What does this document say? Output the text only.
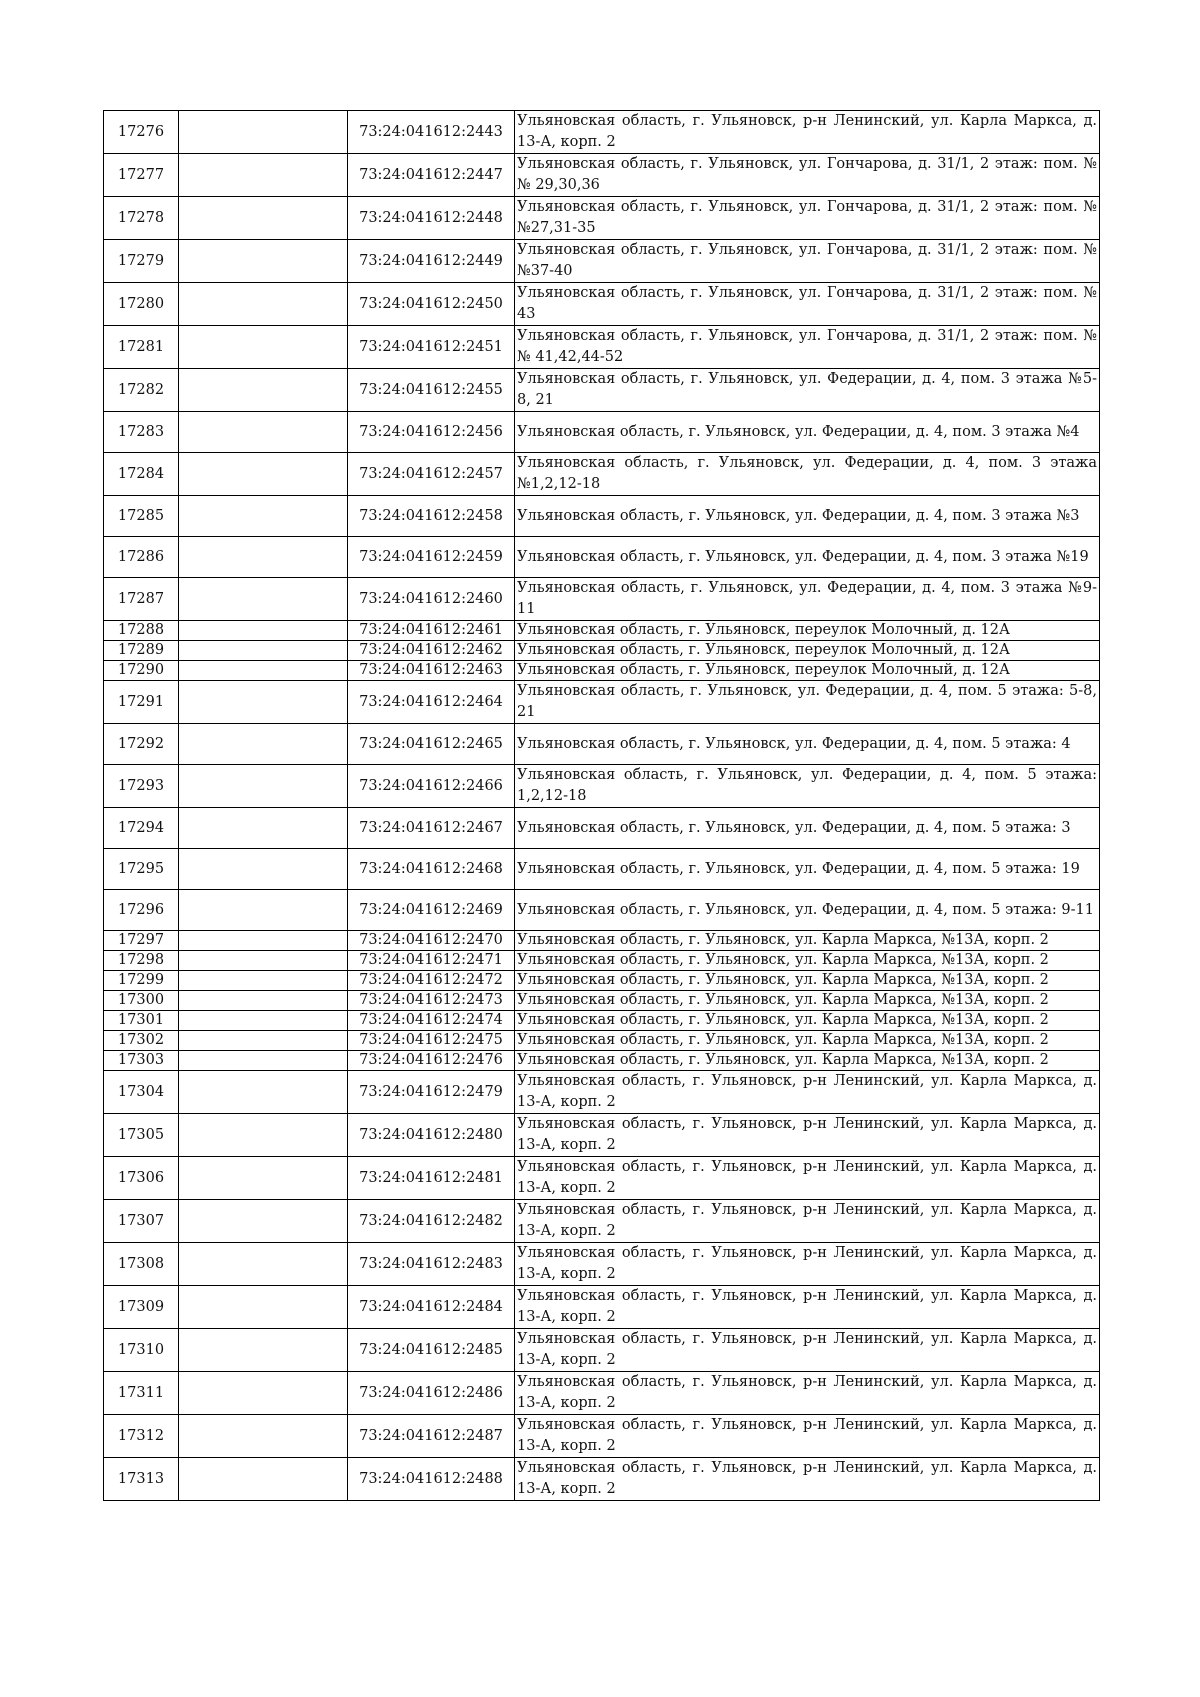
17276		73:24:041612:2443	Ульяновская область, г. Ульяновск, р-н Ленинский, ул. Карла Маркса, д. 13-А, корп. 2
17277		73:24:041612:2447	Ульяновская область, г. Ульяновск, ул. Гончарова, д. 31/1, 2 этаж: пом. №№ 29,30,36
17278		73:24:041612:2448	Ульяновская область, г. Ульяновск, ул. Гончарова, д. 31/1, 2 этаж: пом. №№27,31-35
17279		73:24:041612:2449	Ульяновская область, г. Ульяновск, ул. Гончарова, д. 31/1, 2 этаж: пом. №№37-40
17280		73:24:041612:2450	Ульяновская область, г. Ульяновск, ул. Гончарова, д. 31/1, 2 этаж: пом. № 43
17281		73:24:041612:2451	Ульяновская область, г. Ульяновск, ул. Гончарова, д. 31/1, 2 этаж: пом. №№ 41,42,44-52
17282		73:24:041612:2455	Ульяновская область, г. Ульяновск, ул. Федерации, д. 4, пом. 3 этажа №5-8, 21
17283		73:24:041612:2456	Ульяновская область, г. Ульяновск, ул. Федерации, д. 4, пом. 3 этажа №4
17284		73:24:041612:2457	Ульяновская область, г. Ульяновск, ул. Федерации, д. 4, пом. 3 этажа №1,2,12-18
17285		73:24:041612:2458	Ульяновская область, г. Ульяновск, ул. Федерации, д. 4, пом. 3 этажа №3
17286		73:24:041612:2459	Ульяновская область, г. Ульяновск, ул. Федерации, д. 4, пом. 3 этажа №19
17287		73:24:041612:2460	Ульяновская область, г. Ульяновск, ул. Федерации, д. 4, пом. 3 этажа №9-11
17288		73:24:041612:2461	Ульяновская область, г. Ульяновск, переулок Молочный, д. 12А
17289		73:24:041612:2462	Ульяновская область, г. Ульяновск, переулок Молочный, д. 12А
17290		73:24:041612:2463	Ульяновская область, г. Ульяновск, переулок Молочный, д. 12А
17291		73:24:041612:2464	Ульяновская область, г. Ульяновск, ул. Федерации, д. 4, пом. 5 этажа: 5-8, 21
17292		73:24:041612:2465	Ульяновская область, г. Ульяновск, ул. Федерации, д. 4, пом. 5 этажа: 4
17293		73:24:041612:2466	Ульяновская область, г. Ульяновск, ул. Федерации, д. 4, пом. 5 этажа: 1,2,12-18
17294		73:24:041612:2467	Ульяновская область, г. Ульяновск, ул. Федерации, д. 4, пом. 5 этажа: 3
17295		73:24:041612:2468	Ульяновская область, г. Ульяновск, ул. Федерации, д. 4, пом. 5 этажа: 19
17296		73:24:041612:2469	Ульяновская область, г. Ульяновск, ул. Федерации, д. 4, пом. 5 этажа: 9-11
17297		73:24:041612:2470	Ульяновская область, г. Ульяновск, ул. Карла Маркса, №13А, корп. 2
17298		73:24:041612:2471	Ульяновская область, г. Ульяновск, ул. Карла Маркса, №13А, корп. 2
17299		73:24:041612:2472	Ульяновская область, г. Ульяновск, ул. Карла Маркса, №13А, корп. 2
17300		73:24:041612:2473	Ульяновская область, г. Ульяновск, ул. Карла Маркса, №13А, корп. 2
17301		73:24:041612:2474	Ульяновская область, г. Ульяновск, ул. Карла Маркса, №13А, корп. 2
17302		73:24:041612:2475	Ульяновская область, г. Ульяновск, ул. Карла Маркса, №13А, корп. 2
17303		73:24:041612:2476	Ульяновская область, г. Ульяновск, ул. Карла Маркса, №13А, корп. 2
17304		73:24:041612:2479	Ульяновская область, г. Ульяновск, р-н Ленинский, ул. Карла Маркса, д. 13-А, корп. 2
17305		73:24:041612:2480	Ульяновская область, г. Ульяновск, р-н Ленинский, ул. Карла Маркса, д. 13-А, корп. 2
17306		73:24:041612:2481	Ульяновская область, г. Ульяновск, р-н Ленинский, ул. Карла Маркса, д. 13-А, корп. 2
17307		73:24:041612:2482	Ульяновская область, г. Ульяновск, р-н Ленинский, ул. Карла Маркса, д. 13-А, корп. 2
17308		73:24:041612:2483	Ульяновская область, г. Ульяновск, р-н Ленинский, ул. Карла Маркса, д. 13-А, корп. 2
17309		73:24:041612:2484	Ульяновская область, г. Ульяновск, р-н Ленинский, ул. Карла Маркса, д. 13-А, корп. 2
17310		73:24:041612:2485	Ульяновская область, г. Ульяновск, р-н Ленинский, ул. Карла Маркса, д. 13-А, корп. 2
17311		73:24:041612:2486	Ульяновская область, г. Ульяновск, р-н Ленинский, ул. Карла Маркса, д. 13-А, корп. 2
17312		73:24:041612:2487	Ульяновская область, г. Ульяновск, р-н Ленинский, ул. Карла Маркса, д. 13-А, корп. 2
17313		73:24:041612:2488	Ульяновская область, г. Ульяновск, р-н Ленинский, ул. Карла Маркса, д. 13-А, корп. 2
